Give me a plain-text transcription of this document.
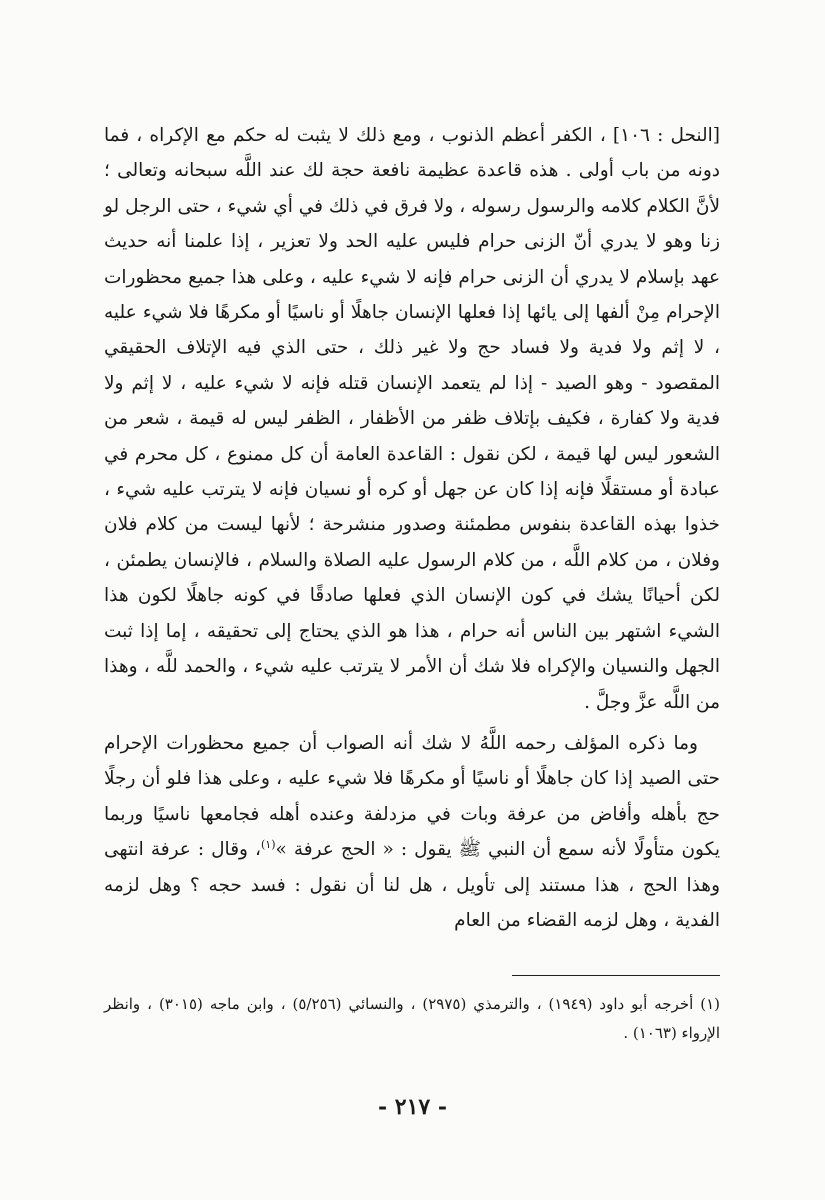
[النحل : ١٠٦] ، الكفر أعظم الذنوب ، ومع ذلك لا يثبت له حكم مع الإكراه ، فما دونه من باب أولى . هذه قاعدة عظيمة نافعة حجة لك عند اللَّه سبحانه وتعالى ؛ لأنَّ الكلام كلامه والرسول رسوله ، ولا فرق في ذلك في أي شيء ، حتى الرجل لو زنا وهو لا يدري أنّ الزنى حرام فليس عليه الحد ولا تعزير ، إذا علمنا أنه حديث عهد بإسلام لا يدري أن الزنى حرام فإنه لا شيء عليه ، وعلى هذا جميع محظورات الإحرام مِنْ ألفها إلى يائها إذا فعلها الإنسان جاهلًا أو ناسيًا أو مكرهًا فلا شيء عليه ، لا إثم ولا فدية ولا فساد حج ولا غير ذلك ، حتى الذي فيه الإتلاف الحقيقي المقصود - وهو الصيد - إذا لم يتعمد الإنسان قتله فإنه لا شيء عليه ، لا إثم ولا فدية ولا كفارة ، فكيف بإتلاف ظفر من الأظفار ، الظفر ليس له قيمة ، شعر من الشعور ليس لها قيمة ، لكن نقول : القاعدة العامة أن كل ممنوع ، كل محرم في عبادة أو مستقلًا فإنه إذا كان عن جهل أو كره أو نسيان فإنه لا يترتب عليه شيء ، خذوا بهذه القاعدة بنفوس مطمئنة وصدور منشرحة ؛ لأنها ليست من كلام فلان وفلان ، من كلام اللَّه ، من كلام الرسول عليه الصلاة والسلام ، فالإنسان يطمئن ، لكن أحيانًا يشك في كون الإنسان الذي فعلها صادقًا في كونه جاهلًا لكون هذا الشيء اشتهر بين الناس أنه حرام ، هذا هو الذي يحتاج إلى تحقيقه ، إما إذا ثبت الجهل والنسيان والإكراه فلا شك أن الأمر لا يترتب عليه شيء ، والحمد للَّه ، وهذا من اللَّه عزَّ وجلَّ .

وما ذكره المؤلف رحمه اللَّهُ لا شك أنه الصواب أن جميع محظورات الإحرام حتى الصيد إذا كان جاهلًا أو ناسيًا أو مكرهًا فلا شيء عليه ، وعلى هذا فلو أن رجلًا حج بأهله وأفاض من عرفة وبات في مزدلفة وعنده أهله فجامعها ناسيًا وربما يكون متأولًا لأنه سمع أن النبي ﷺ يقول : « الحج عرفة »$^{(١)}$، وقال : عرفة انتهى وهذا الحج ، هذا مستند إلى تأويل ، هل لنا أن نقول : فسد حجه ؟ وهل لزمه الفدية ، وهل لزمه القضاء من العام

(١) أخرجه أبو داود (١٩٤٩) ، والترمذي (٢٩٧٥) ، والنسائي (٥/٢٥٦) ، وابن ماجه (٣٠١٥) ، وانظر الإرواء (١٠٦٣) .

- ٢١٧ -
